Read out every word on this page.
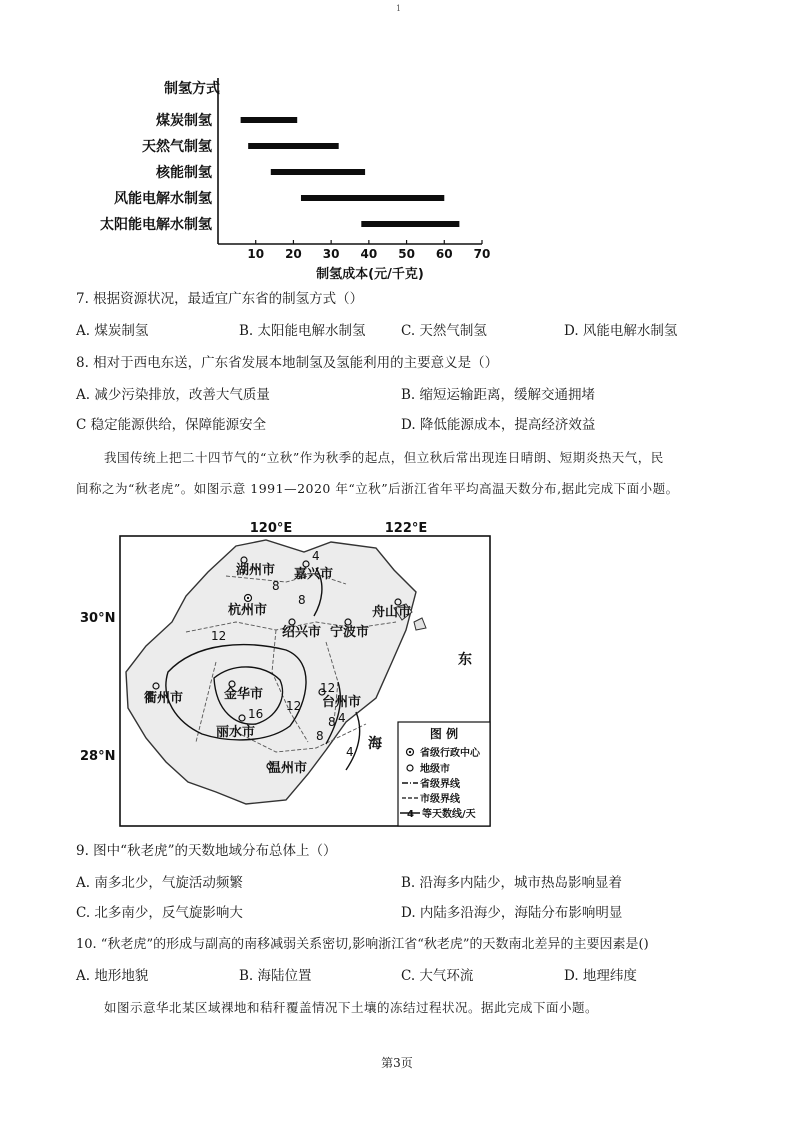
1
制氢方式
煤炭制氢
天然气制氢
核能制氢
风能电解水制氢
太阳能电解水制氢
10 20 30 40 50 60 70
制氢成本(元/千克)
7. 根据资源状况，最适宜广东省的制氢方式（）
A. 煤炭制氢	B. 太阳能电解水制氢	C. 天然气制氢	D. 风能电解水制氢
8. 相对于西电东送，广东省发展本地制氢及氢能利用的主要意义是（）
A. 减少污染排放，改善大气质量	B. 缩短运输距离，缓解交通拥堵
C 稳定能源供给，保障能源安全	D. 降低能源成本，提高经济效益
我国传统上把二十四节气的“立秋”作为秋季的起点，但立秋后常出现连日晴朗、短期炎热天气，民
间称之为“秋老虎”。如图示意 1991—2020 年“立秋”后浙江省年平均高温天数分布,据此完成下面小题。
120°E	122°E
30°N
28°N
4
8
8
12
12
16
12
8 4
8
4
湖州市 嘉兴市
杭州市	舟山市
绍兴市 宁波市
金华市
衢州市	台州市
丽水市
温州市
东
海
图 例
省级行政中心
地级市
省级界线
市级界线
4 等天数线/天
9. 图中“秋老虎”的天数地域分布总体上（）
A. 南多北少，气旋活动频繁	B. 沿海多内陆少，城市热岛影响显着
C. 北多南少，反气旋影响大	D. 内陆多沿海少，海陆分布影响明显
10. “秋老虎”的形成与副高的南移减弱关系密切,影响浙江省“秋老虎”的天数南北差异的主要因素是()
A. 地形地貌	B. 海陆位置	C. 大气环流	D. 地理纬度
如图示意华北某区域裸地和秸秆覆盖情况下土壤的冻结过程状况。据此完成下面小题。
第3页
